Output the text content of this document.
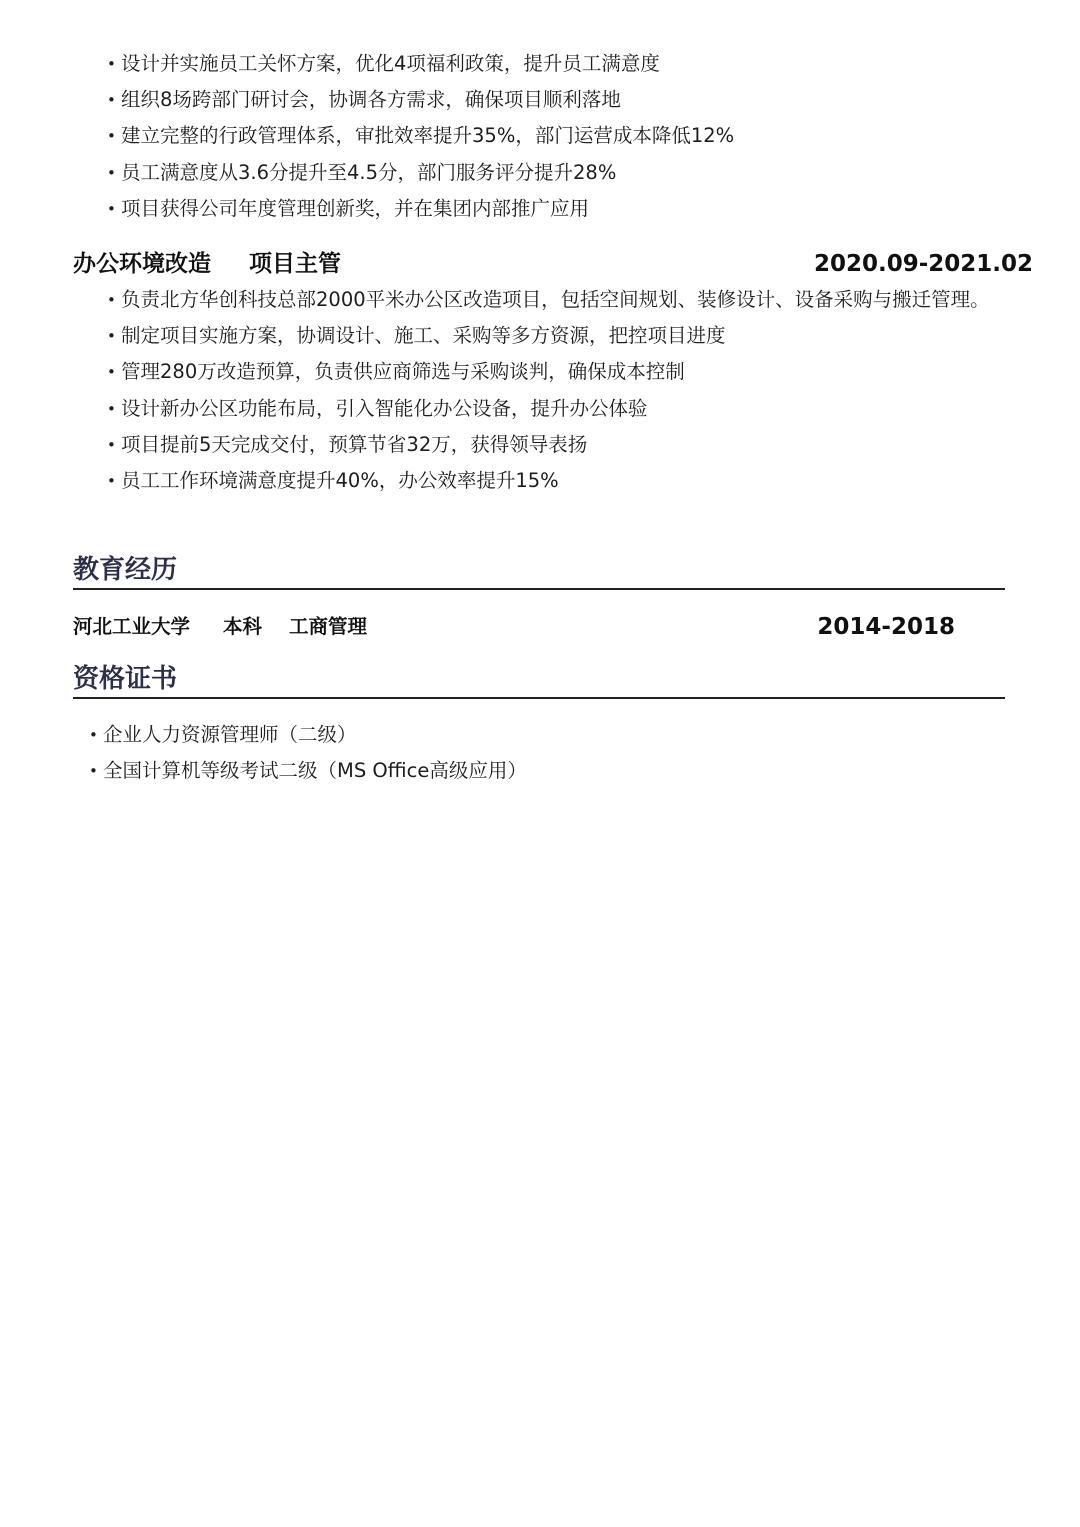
• 设计并实施员工关怀方案，优化4项福利政策，提升员工满意度
• 组织8场跨部门研讨会，协调各方需求，确保项目顺利落地
• 建立完整的行政管理体系，审批效率提升35%，部门运营成本降低12%
• 员工满意度从3.6分提升至4.5分，部门服务评分提升28%
• 项目获得公司年度管理创新奖，并在集团内部推广应用
办公环境改造 项目主管	2020.09-2021.02
• 负责北方华创科技总部2000平米办公区改造项目，包括空间规划、装修设计、设备采购与搬迁管理。
• 制定项目实施方案，协调设计、施工、采购等多方资源，把控项目进度
• 管理280万改造预算，负责供应商筛选与采购谈判，确保成本控制
• 设计新办公区功能布局，引入智能化办公设备，提升办公体验
• 项目提前5天完成交付，预算节省32万，获得领导表扬
• 员工工作环境满意度提升40%，办公效率提升15%
教育经历
河北工业大学 本科 工商管理	2014-2018
资格证书
• 企业人力资源管理师（二级）
• 全国计算机等级考试二级（MS Office高级应用）
